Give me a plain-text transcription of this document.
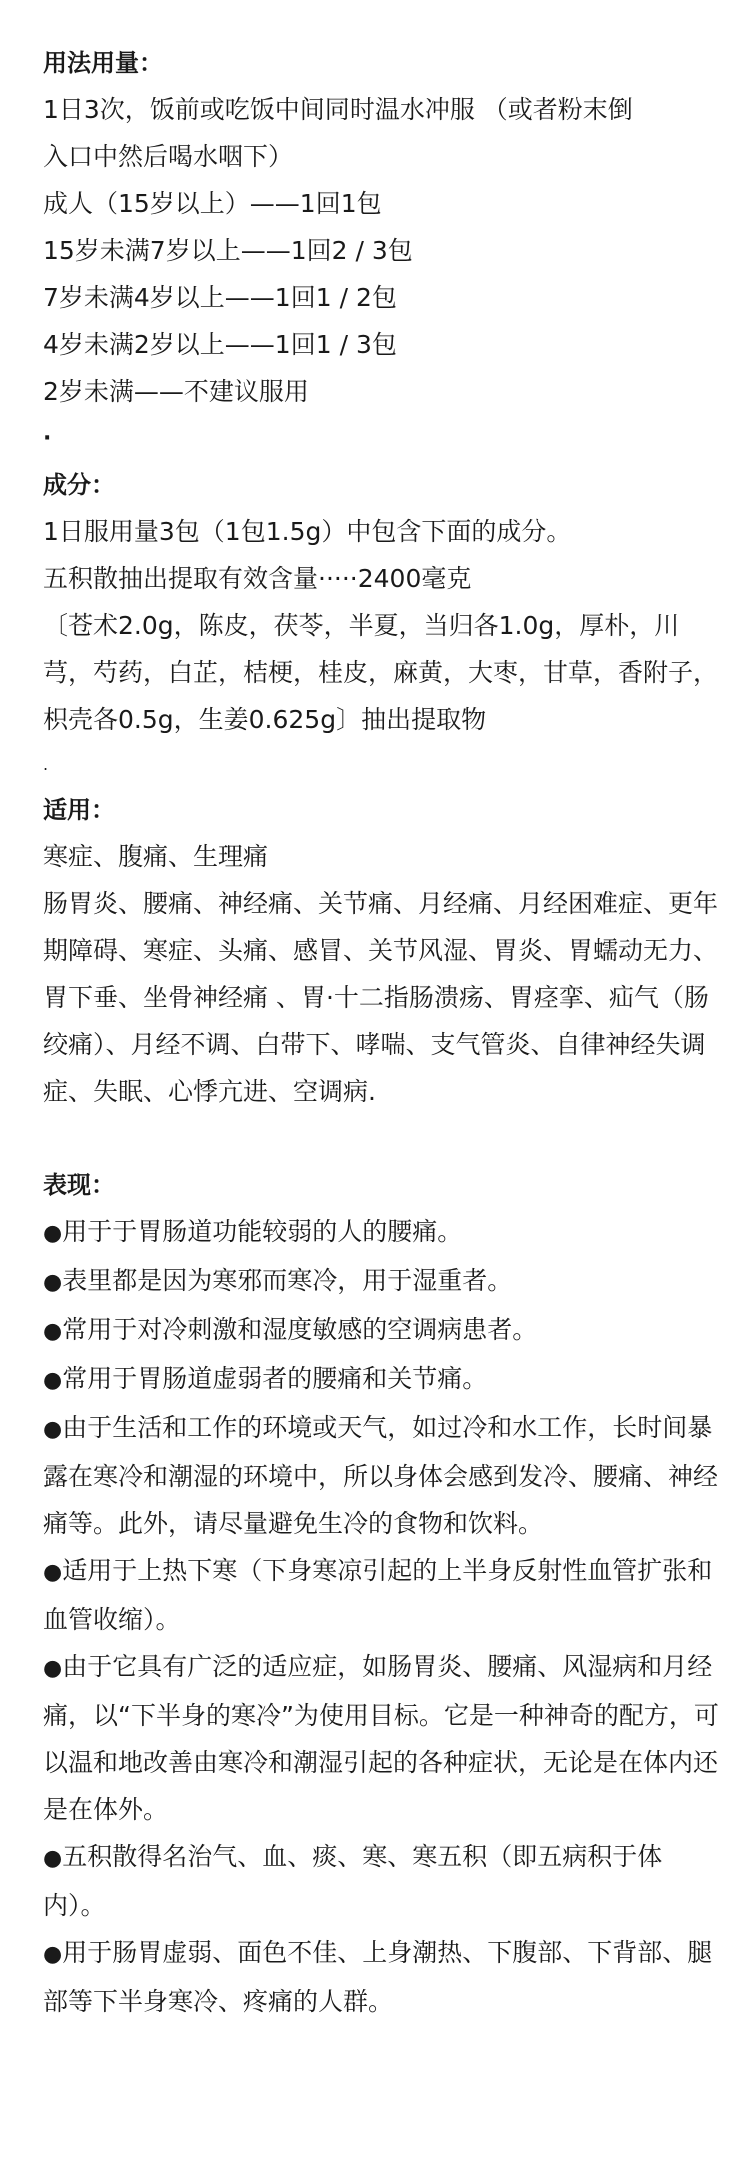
用法用量：
1日3次，饭前或吃饭中间同时温水冲服 （或者粉末倒
入口中然后喝水咽下）
成人（15岁以上）——1回1包
15岁未满7岁以上——1回2 / 3包
7岁未满4岁以上——1回1 / 2包
4岁未满2岁以上——1回1 / 3包
2岁未满——不建议服用
·
成分：
1日服用量3包（1包1.5g）中包含下面的成分。
五积散抽出提取有效含量·····2400毫克

〔苍术2.0g，陈皮，茯苓，半夏，当归各1.0g，厚朴，川芎，芍药，白芷，桔梗，桂皮，麻黄，大枣，甘草，香附子，枳壳各0.5g，生姜0.625g〕抽出提取物

.
适用：
寒症、腹痛、生理痛

肠胃炎、腰痛、神经痛、关节痛、月经痛、月经困难症、更年期障碍、寒症、头痛、感冒、关节风湿、胃炎、胃蠕动无力、胃下垂、坐骨神经痛 、胃·十二指肠溃疡、胃痉挛、疝气（肠绞痛）、月经不调、白带下、哮喘、支气管炎、自律神经失调症、失眠、心悸亢进、空调病.

表现：
●用于于胃肠道功能较弱的人的腰痛。
●表里都是因为寒邪而寒冷，用于湿重者。
●常用于对冷刺激和湿度敏感的空调病患者。
●常用于胃肠道虚弱者的腰痛和关节痛。
●由于生活和工作的环境或天气，如过冷和水工作，长时间暴露在寒冷和潮湿的环境中，所以身体会感到发冷、腰痛、神经痛等。此外，请尽量避免生冷的食物和饮料。
●适用于上热下寒（下身寒凉引起的上半身反射性血管扩张和血管收缩）。
●由于它具有广泛的适应症，如肠胃炎、腰痛、风湿病和月经痛，以“下半身的寒冷”为使用目标。它是一种神奇的配方，可以温和地改善由寒冷和潮湿引起的各种症状，无论是在体内还是在体外。
●五积散得名治气、血、痰、寒、寒五积（即五病积于体内）。
●用于肠胃虚弱、面色不佳、上身潮热、下腹部、下背部、腿部等下半身寒冷、疼痛的人群。
